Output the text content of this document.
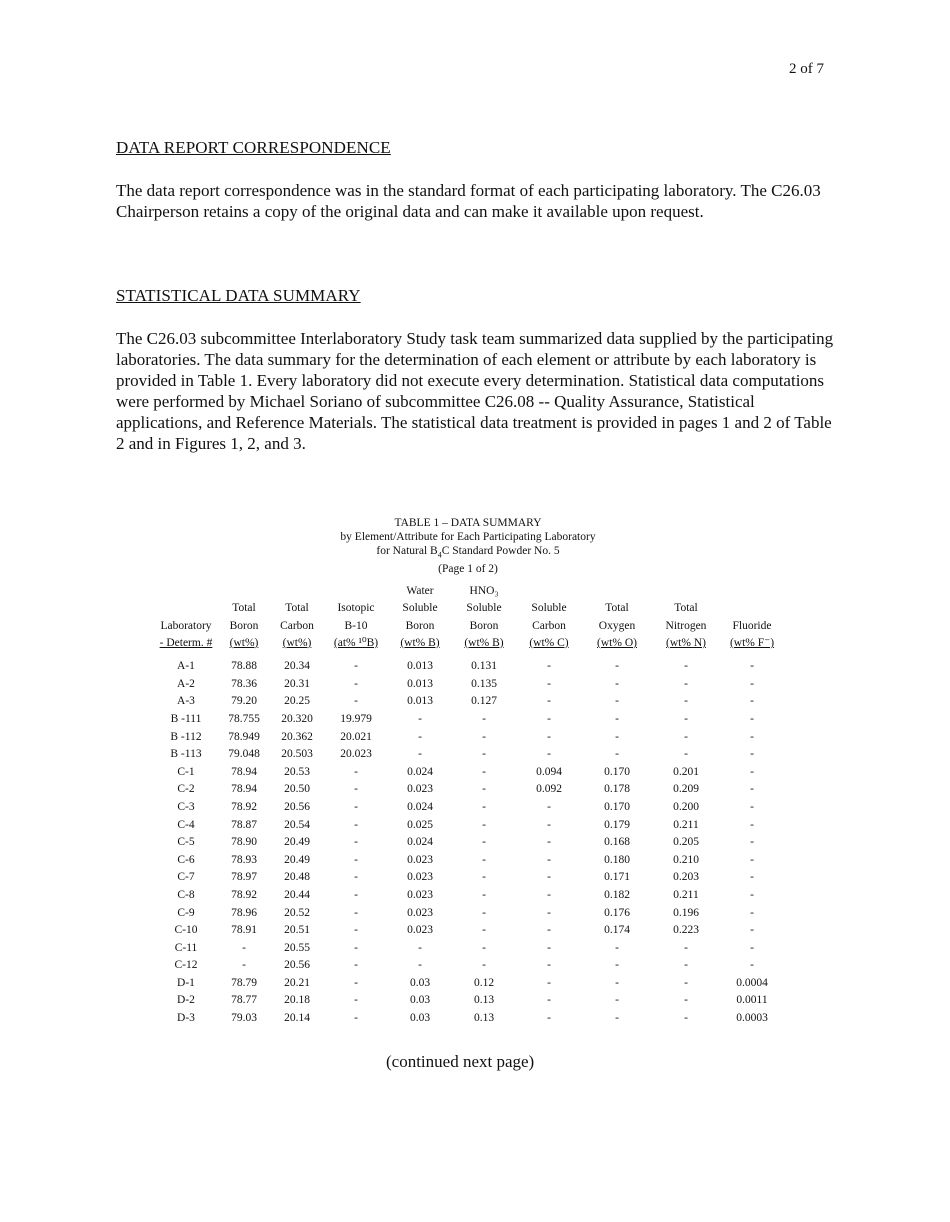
2 of 7
DATA REPORT CORRESPONDENCE
The data report correspondence was in the standard format of each participating laboratory. The C26.03 Chairperson retains a copy of the original data and can make it available upon request.
STATISTICAL DATA SUMMARY
The C26.03 subcommittee Interlaboratory Study task team summarized data supplied by the participating laboratories. The data summary for the determination of each element or attribute by each laboratory is provided in Table 1. Every laboratory did not execute every determination. Statistical data computations were performed by Michael Soriano of subcommittee C26.08 -- Quality Assurance, Statistical applications, and Reference Materials. The statistical data treatment is provided in pages 1 and 2 of Table 2 and in Figures 1, 2, and 3.
TABLE 1 – DATA SUMMARY
by Element/Attribute for Each Participating Laboratory
for Natural $B_4C$ Standard Powder No. 5
(Page 1 of 2)
Laboratory
- Determ. #	Total
Boron
(wt%)	Total
Carbon
(wt%)	Isotopic
B-10
(at% ¹⁰B)	Water
Soluble
Boron
(wt% B)	HNO₃
Soluble
Boron
(wt% B)	Soluble
Carbon
(wt% C)	Total
Oxygen
(wt% O)	Total
Nitrogen
(wt% N)	Fluoride
(wt% F⁻)

A-1	78.88	20.34	-	0.013	0.131	-	-	-	-
A-2	78.36	20.31	-	0.013	0.135	-	-	-	-
A-3	79.20	20.25	-	0.013	0.127	-	-	-	-
B -111	78.755	20.320	19.979	-	-	-	-	-	-
B -112	78.949	20.362	20.021	-	-	-	-	-	-
B -113	79.048	20.503	20.023	-	-	-	-	-	-
C-1	78.94	20.53	-	0.024	-	0.094	0.170	0.201	-
C-2	78.94	20.50	-	0.023	-	0.092	0.178	0.209	-
C-3	78.92	20.56	-	0.024	-	-	0.170	0.200	-
C-4	78.87	20.54	-	0.025	-	-	0.179	0.211	-
C-5	78.90	20.49	-	0.024	-	-	0.168	0.205	-
C-6	78.93	20.49	-	0.023	-	-	0.180	0.210	-
C-7	78.97	20.48	-	0.023	-	-	0.171	0.203	-
C-8	78.92	20.44	-	0.023	-	-	0.182	0.211	-
C-9	78.96	20.52	-	0.023	-	-	0.176	0.196	-
C-10	78.91	20.51	-	0.023	-	-	0.174	0.223	-
C-11	-	20.55	-	-	-	-	-	-	-
C-12	-	20.56	-	-	-	-	-	-	-
D-1	78.79	20.21	-	0.03	0.12	-	-	-	0.0004
D-2	78.77	20.18	-	0.03	0.13	-	-	-	0.0011
D-3	79.03	20.14	-	0.03	0.13	-	-	-	0.0003
(continued next page)
